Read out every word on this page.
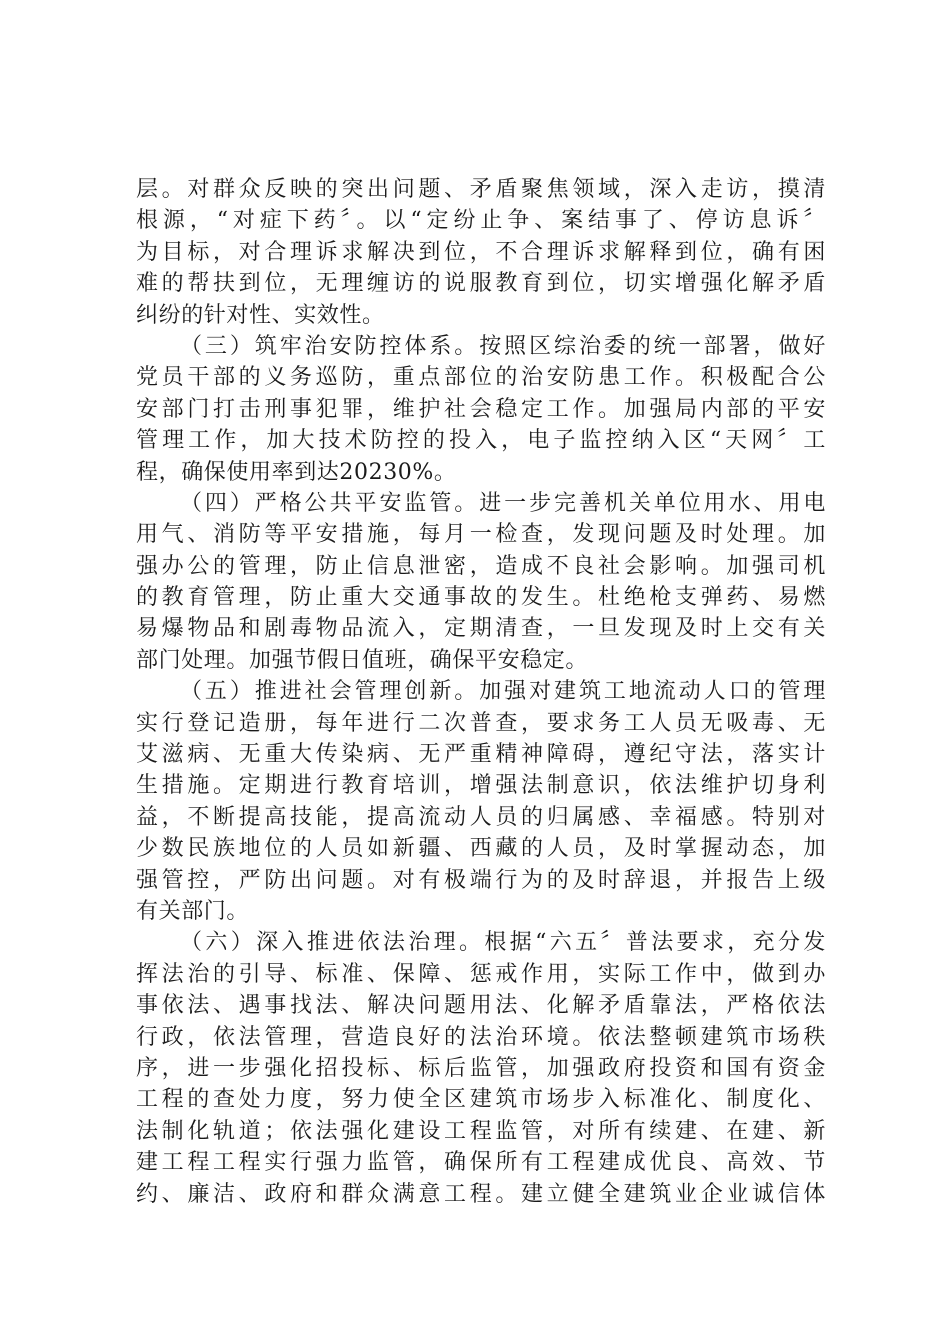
层。对群众反映的突出问题、矛盾聚焦领域，深入走访，摸清
根源，“对症下药〞。以“定纷止争、案结事了、停访息诉〞
为目标，对合理诉求解决到位，不合理诉求解释到位，确有困
难的帮扶到位，无理缠访的说服教育到位，切实增强化解矛盾
纠纷的针对性、实效性。
（三）筑牢治安防控体系。按照区综治委的统一部署，做好
党员干部的义务巡防，重点部位的治安防患工作。积极配合公
安部门打击刑事犯罪，维护社会稳定工作。加强局内部的平安
管理工作，加大技术防控的投入，电子监控纳入区“天网〞工
程，确保使用率到达20230%。
（四）严格公共平安监管。进一步完善机关单位用水、用电
用气、消防等平安措施，每月一检查，发现问题及时处理。加
强办公的管理，防止信息泄密，造成不良社会影响。加强司机
的教育管理，防止重大交通事故的发生。杜绝枪支弹药、易燃
易爆物品和剧毒物品流入，定期清查，一旦发现及时上交有关
部门处理。加强节假日值班，确保平安稳定。
（五）推进社会管理创新。加强对建筑工地流动人口的管理
实行登记造册，每年进行二次普查，要求务工人员无吸毒、无
艾滋病、无重大传染病、无严重精神障碍，遵纪守法，落实计
生措施。定期进行教育培训，增强法制意识，依法维护切身利
益，不断提高技能，提高流动人员的归属感、幸福感。特别对
少数民族地位的人员如新疆、西藏的人员，及时掌握动态，加
强管控，严防出问题。对有极端行为的及时辞退，并报告上级
有关部门。
（六）深入推进依法治理。根据“六五〞普法要求，充分发
挥法治的引导、标准、保障、惩戒作用，实际工作中，做到办
事依法、遇事找法、解决问题用法、化解矛盾靠法，严格依法
行政，依法管理，营造良好的法治环境。依法整顿建筑市场秩
序，进一步强化招投标、标后监管，加强政府投资和国有资金
工程的查处力度，努力使全区建筑市场步入标准化、制度化、
法制化轨道；依法强化建设工程监管，对所有续建、在建、新
建工程工程实行强力监管，确保所有工程建成优良、高效、节
约、廉洁、政府和群众满意工程。建立健全建筑业企业诚信体
